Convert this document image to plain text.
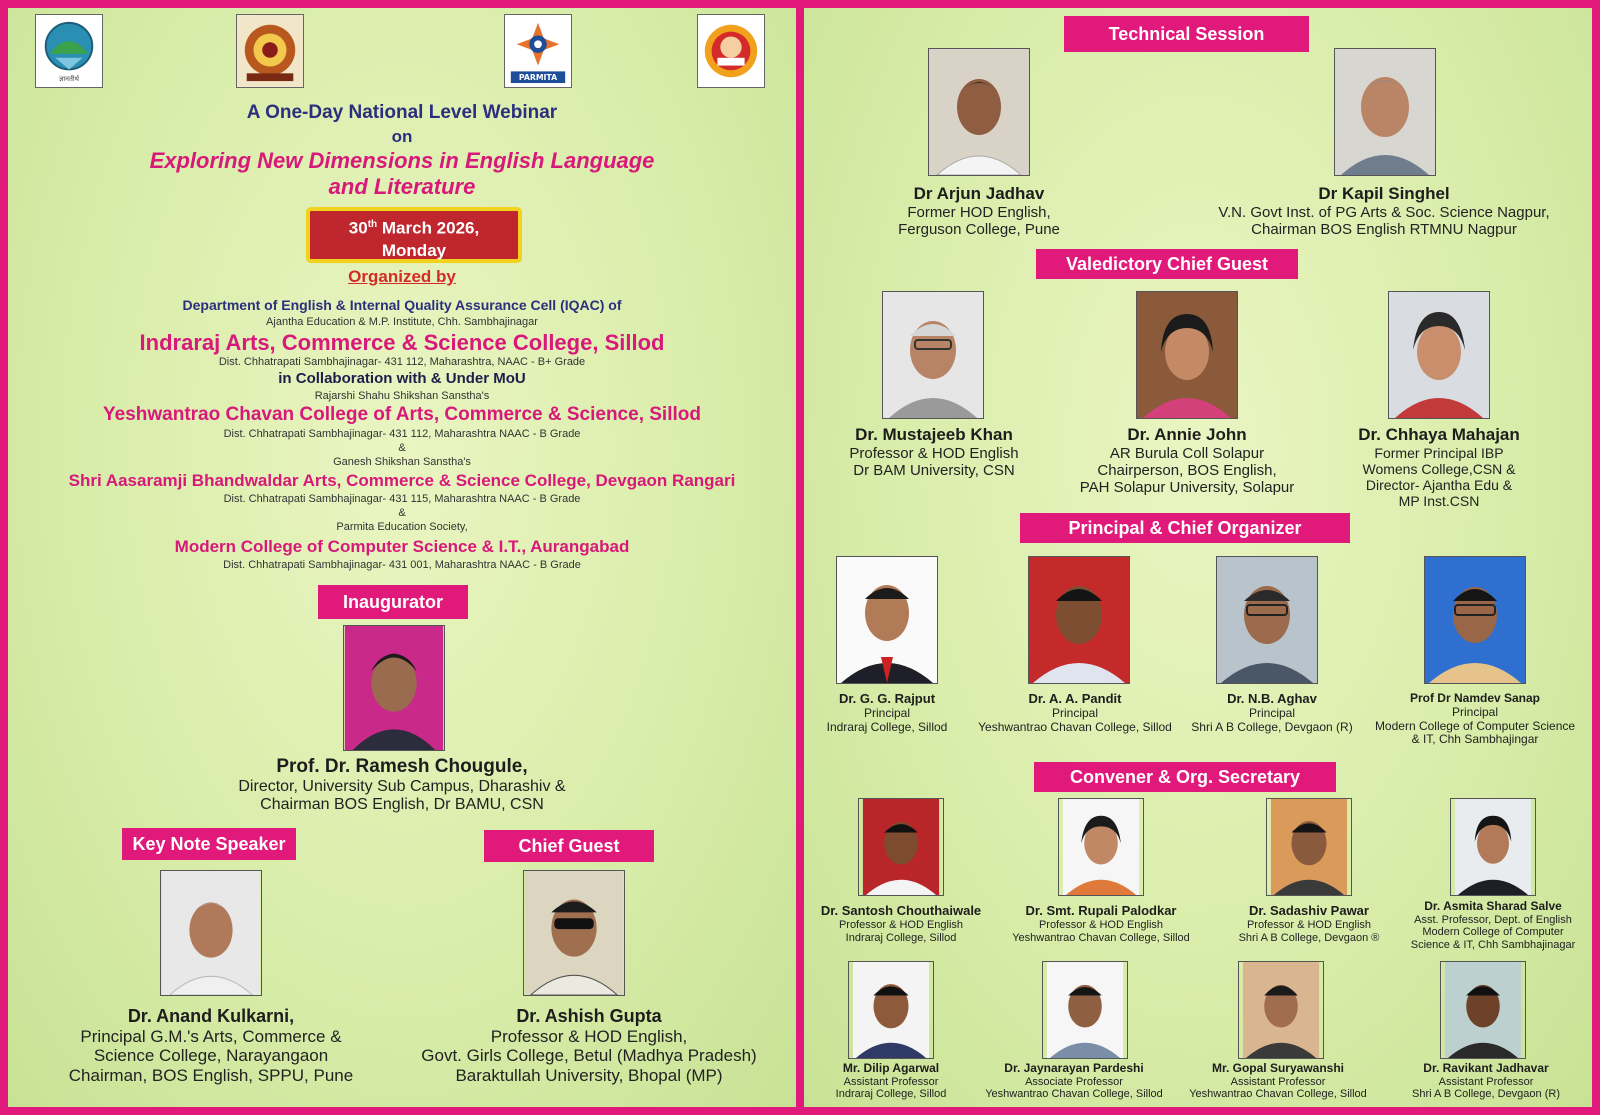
ज्ञानतीर्थ	PARMITA
A One-Day National Level Webinar
on
Exploring New Dimensions in English Language
and Literature
30th March 2026,
Monday
Organized by
Department of English & Internal Quality Assurance Cell (IQAC) of
Ajantha Education & M.P. Institute, Chh. Sambhajinagar
Indraraj Arts, Commerce & Science College, Sillod
Dist. Chhatrapati Sambhajinagar- 431 112, Maharashtra, NAAC - B+ Grade
in Collaboration with & Under MoU
Rajarshi Shahu Shikshan Sanstha's
Yeshwantrao Chavan College of Arts, Commerce & Science, Sillod
Dist. Chhatrapati Sambhajinagar- 431 112, Maharashtra NAAC - B Grade
&
Ganesh Shikshan Sanstha's
Shri Aasaramji Bhandwaldar Arts, Commerce & Science College, Devgaon Rangari
Dist. Chhatrapati Sambhajinagar- 431 115, Maharashtra NAAC - B Grade
&
Parmita Education Society,
Modern College of Computer Science & I.T., Aurangabad
Dist. Chhatrapati Sambhajinagar- 431 001, Maharashtra NAAC - B Grade
Inaugurator
Prof. Dr. Ramesh Chougule,
Director, University Sub Campus, Dharashiv &
Chairman BOS English, Dr BAMU, CSN
Key Note Speaker	Chief Guest
Dr. Anand Kulkarni,
Principal G.M.'s Arts, Commerce &
Science College, Narayangaon
Chairman, BOS English, SPPU, Pune
Dr. Ashish Gupta
Professor & HOD English,
Govt. Girls College, Betul (Madhya Pradesh)
Baraktullah University, Bhopal (MP)
Technical Session
Dr Arjun Jadhav
Former HOD English,
Ferguson College, Pune
Dr Kapil Singhel
V.N. Govt Inst. of PG Arts & Soc. Science Nagpur,
Chairman BOS English RTMNU Nagpur
Valedictory Chief Guest
Dr. Mustajeeb Khan
Professor & HOD English
Dr BAM University, CSN
Dr. Annie John
AR Burula Coll Solapur
Chairperson, BOS English,
PAH Solapur University, Solapur
Dr. Chhaya Mahajan
Former Principal IBP
Womens College,CSN &
Director- Ajantha Edu &
MP Inst.CSN
Principal & Chief Organizer
Dr. G. G. Rajput
Principal
Indraraj College, Sillod
Dr. A. A. Pandit
Principal
Yeshwantrao Chavan College, Sillod
Dr. N.B. Aghav
Principal
Shri A B College, Devgaon (R)
Prof Dr Namdev Sanap
Principal
Modern College of Computer Science
& IT, Chh Sambhajingar
Convener & Org. Secretary
Dr. Santosh Chouthaiwale
Professor & HOD English
Indraraj College, Sillod
Dr. Smt. Rupali Palodkar
Professor & HOD English
Yeshwantrao Chavan College, Sillod
Dr. Sadashiv Pawar
Professor & HOD English
Shri A B College, Devgaon ®
Dr. Asmita Sharad Salve
Asst. Professor, Dept. of English
Modern College of Computer
Science & IT, Chh Sambhajinagar
Mr. Dilip Agarwal
Assistant Professor
Indraraj College, Sillod
Dr. Jaynarayan Pardeshi
Associate Professor
Yeshwantrao Chavan College, Sillod
Mr. Gopal Suryawanshi
Assistant Professor
Yeshwantrao Chavan College, Sillod
Dr. Ravikant Jadhavar
Assistant Professor
Shri A B College, Devgaon (R)
